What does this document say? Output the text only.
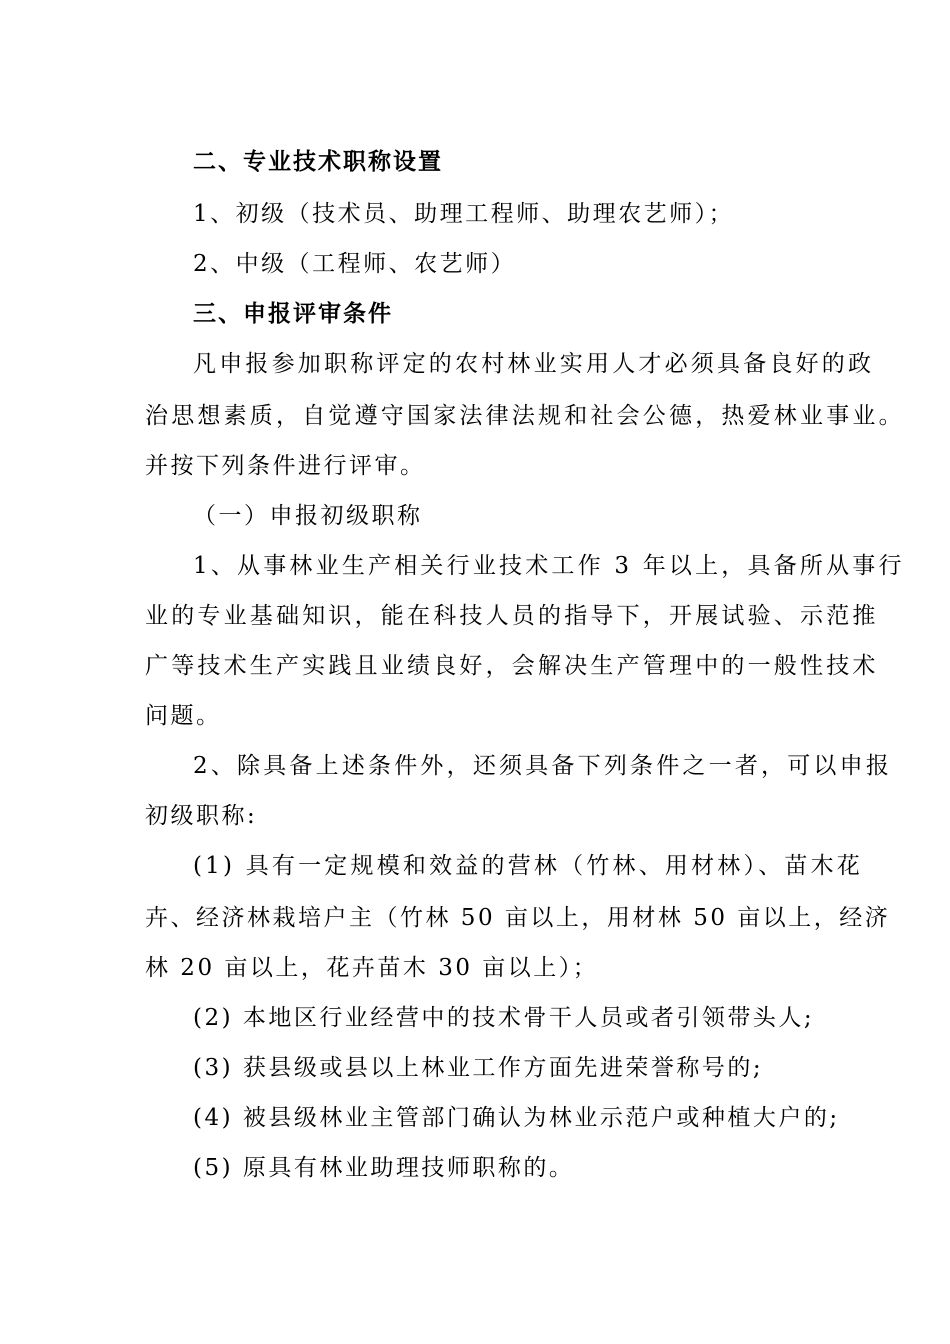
二、专业技术职称设置
1、初级（技术员、助理工程师、助理农艺师）；
2、中级（工程师、农艺师）
三、申报评审条件
凡申报参加职称评定的农村林业实用人才必须具备良好的政
治思想素质，自觉遵守国家法律法规和社会公德，热爱林业事业。
并按下列条件进行评审。
（一）申报初级职称
1、从事林业生产相关行业技术工作 3 年以上，具备所从事行
业的专业基础知识，能在科技人员的指导下，开展试验、示范推
广等技术生产实践且业绩良好，会解决生产管理中的一般性技术
问题。
2、除具备上述条件外，还须具备下列条件之一者，可以申报
初级职称:
(1) 具有一定规模和效益的营林（竹林、用材林）、苗木花
卉、经济林栽培户主（竹林 50 亩以上，用材林 50 亩以上，经济
林 20 亩以上，花卉苗木 30 亩以上）；
(2) 本地区行业经营中的技术骨干人员或者引领带头人;
(3) 获县级或县以上林业工作方面先进荣誉称号的;
(4) 被县级林业主管部门确认为林业示范户或种植大户的;
(5) 原具有林业助理技师职称的。
